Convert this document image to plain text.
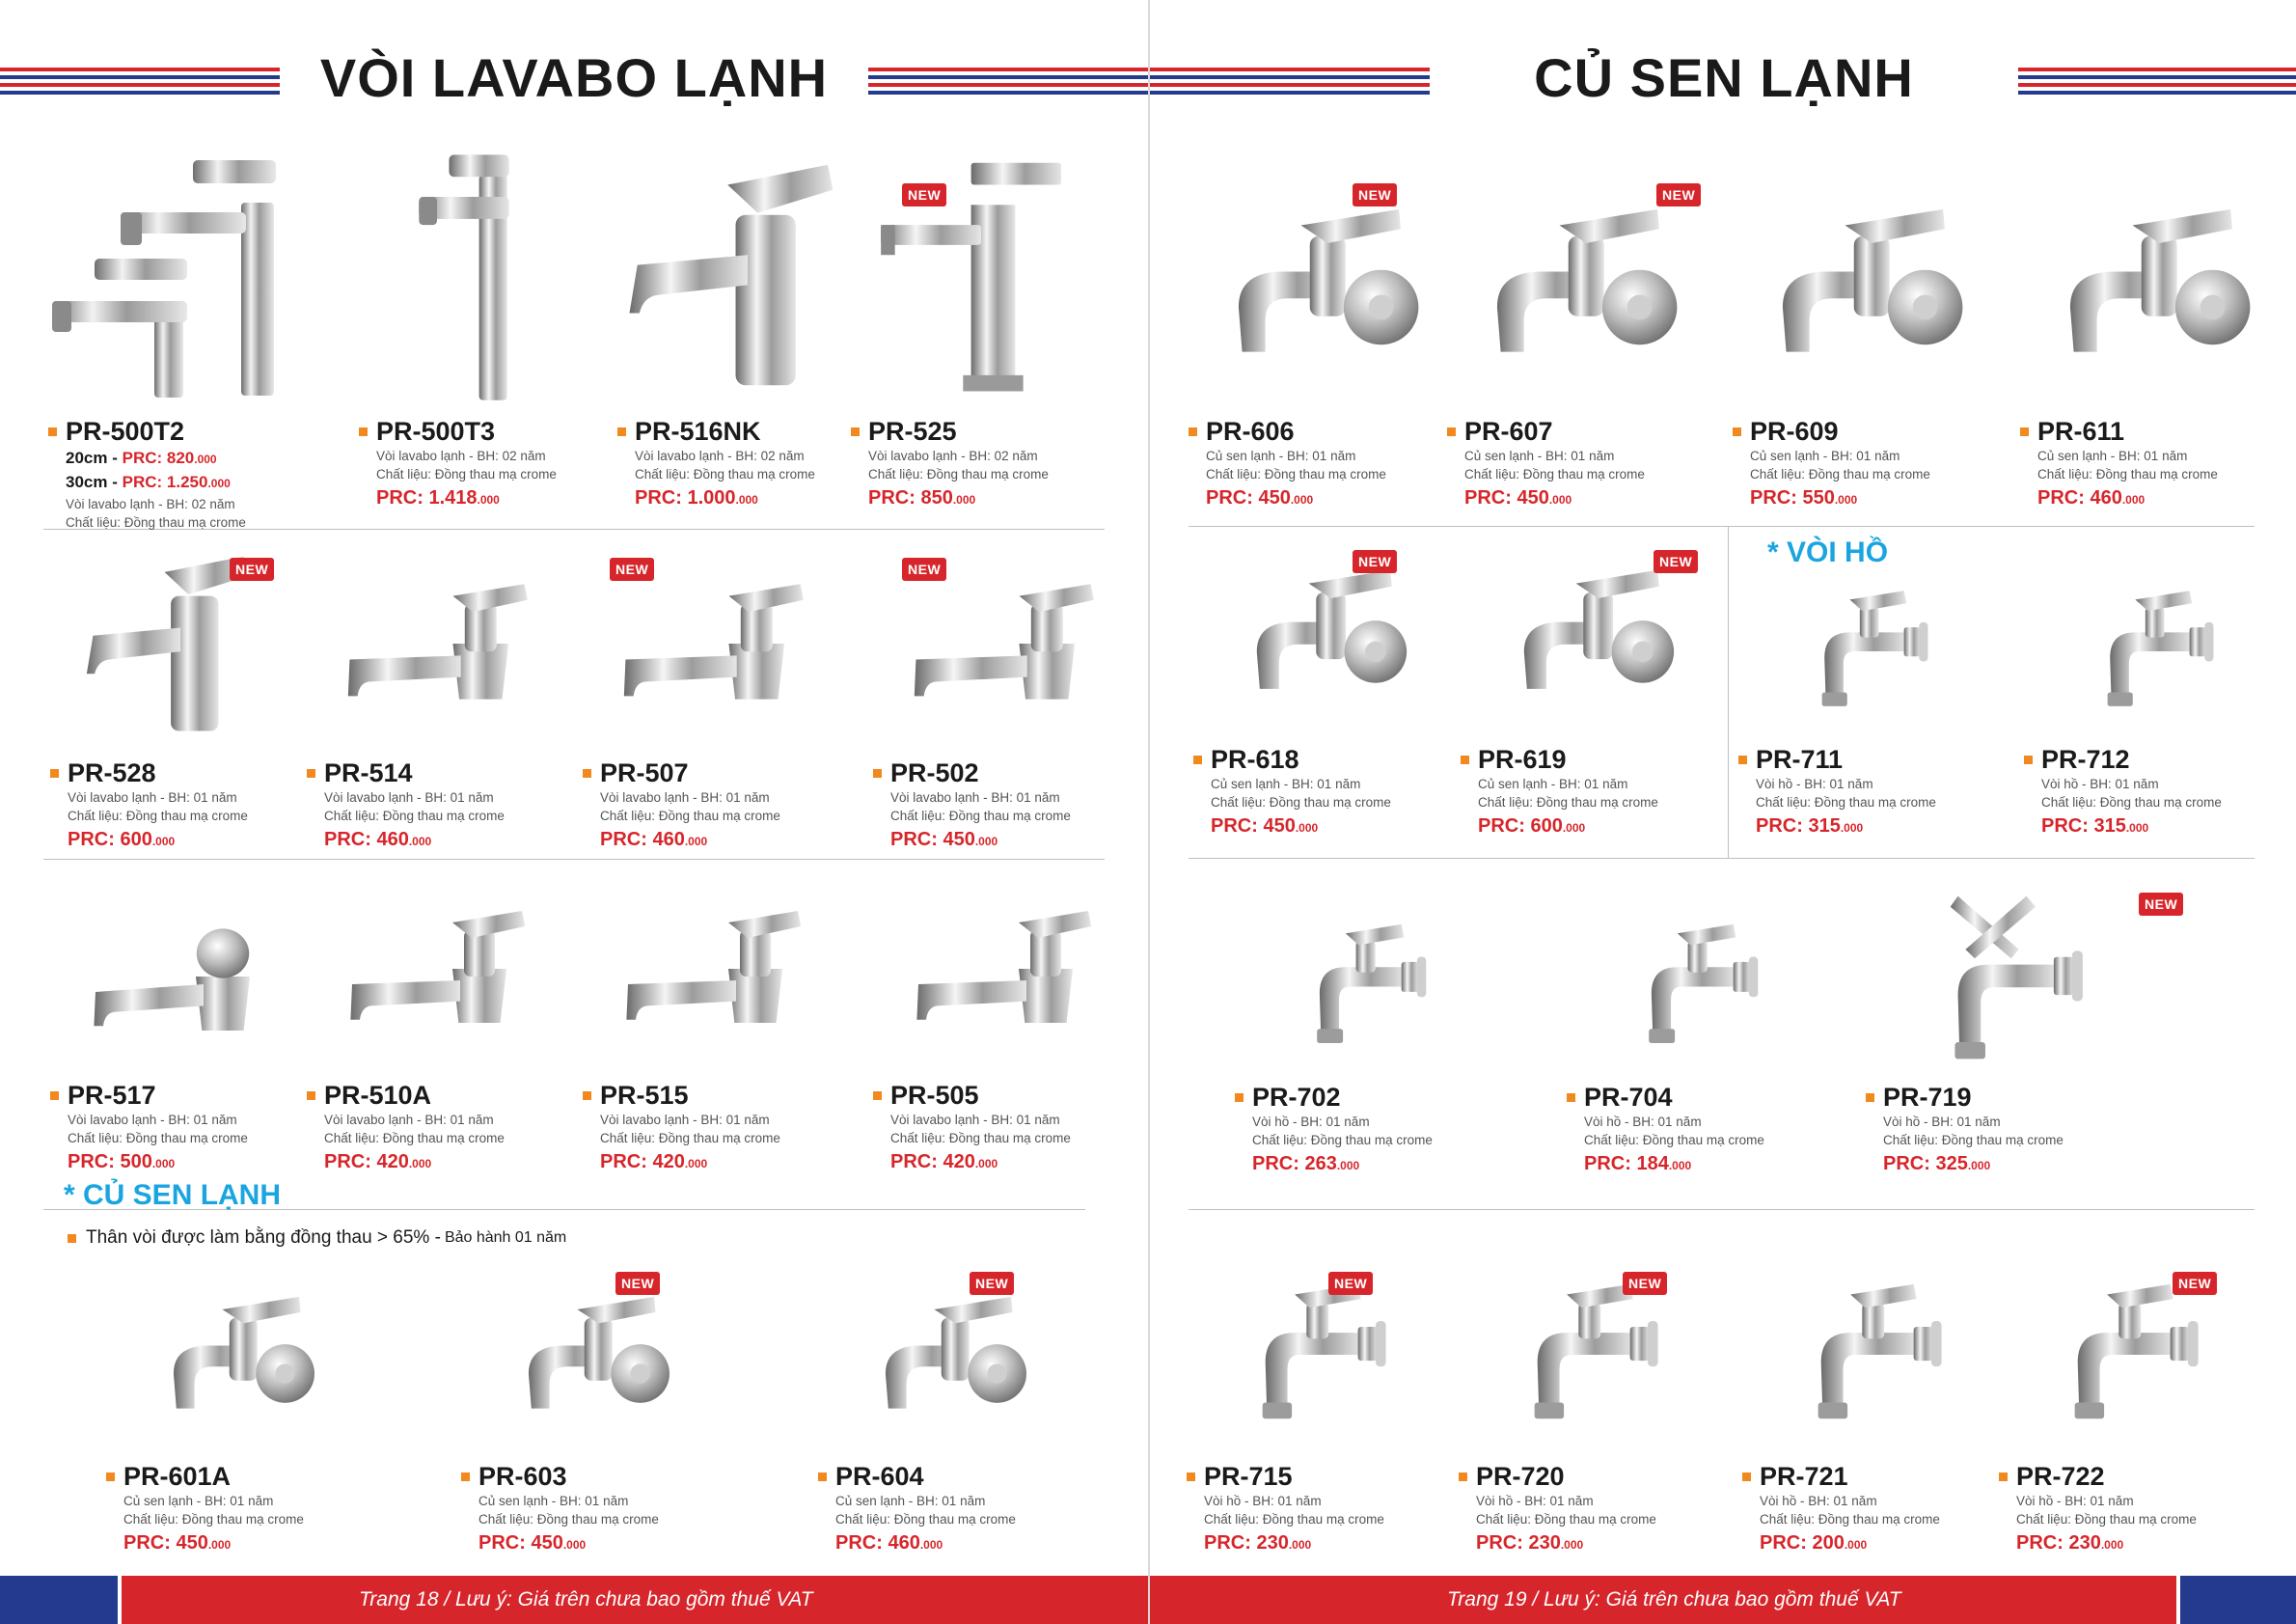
VÒI LAVABO LẠNH
PR-500T3
Vòi lavabo lạnh - BH: 02 năm
Chất liệu: Đồng thau mạ crome
PRC: 1.418.000
PR-516NK
Vòi lavabo lạnh - BH: 02 năm
Chất liệu: Đồng thau mạ crome
PRC: 1.000.000
PR-525
Vòi lavabo lạnh - BH: 02 năm
Chất liệu: Đồng thau mạ crome
PRC: 850.000
NEW
PR-528
Vòi lavabo lạnh - BH: 01 năm
Chất liệu: Đồng thau mạ crome
PRC: 600.000
NEW
PR-514
Vòi lavabo lạnh - BH: 01 năm
Chất liệu: Đồng thau mạ crome
PRC: 460.000
PR-507
Vòi lavabo lạnh - BH: 01 năm
Chất liệu: Đồng thau mạ crome
PRC: 460.000
NEW
PR-502
Vòi lavabo lạnh - BH: 01 năm
Chất liệu: Đồng thau mạ crome
PRC: 450.000
NEW
PR-517
Vòi lavabo lạnh - BH: 01 năm
Chất liệu: Đồng thau mạ crome
PRC: 500.000
PR-510A
Vòi lavabo lạnh - BH: 01 năm
Chất liệu: Đồng thau mạ crome
PRC: 420.000
PR-515
Vòi lavabo lạnh - BH: 01 năm
Chất liệu: Đồng thau mạ crome
PRC: 420.000
PR-505
Vòi lavabo lạnh - BH: 01 năm
Chất liệu: Đồng thau mạ crome
PRC: 420.000
PR-601A
Củ sen lạnh - BH: 01 năm
Chất liệu: Đồng thau mạ crome
PRC: 450.000
PR-603
Củ sen lạnh - BH: 01 năm
Chất liệu: Đồng thau mạ crome
PRC: 450.000
NEW
PR-604
Củ sen lạnh - BH: 01 năm
Chất liệu: Đồng thau mạ crome
PRC: 460.000
NEW
PR-500T2
20cm - PRC: 820.000
30cm - PRC: 1.250.000
Vòi lavabo lạnh - BH: 02 năm
Chất liệu: Đồng thau mạ crome
* CỦ SEN LẠNH
Thân vòi được làm bằng đồng thau > 65% - Bảo hành 01 năm
Trang 18 / Lưu ý: Giá trên chưa bao gồm thuế VAT
CỦ SEN LẠNH
* VÒI HỒ
PR-606
Củ sen lạnh - BH: 01 năm
Chất liệu: Đồng thau mạ crome
PRC: 450.000
NEW
PR-607
Củ sen lạnh - BH: 01 năm
Chất liệu: Đồng thau mạ crome
PRC: 450.000
NEW
PR-609
Củ sen lạnh - BH: 01 năm
Chất liệu: Đồng thau mạ crome
PRC: 550.000
PR-611
Củ sen lạnh - BH: 01 năm
Chất liệu: Đồng thau mạ crome
PRC: 460.000
PR-618
Củ sen lạnh - BH: 01 năm
Chất liệu: Đồng thau mạ crome
PRC: 450.000
NEW
PR-619
Củ sen lạnh - BH: 01 năm
Chất liệu: Đồng thau mạ crome
PRC: 600.000
NEW
PR-711
Vòi hồ - BH: 01 năm
Chất liệu: Đồng thau mạ crome
PRC: 315.000
PR-712
Vòi hồ - BH: 01 năm
Chất liệu: Đồng thau mạ crome
PRC: 315.000
PR-702
Vòi hồ - BH: 01 năm
Chất liệu: Đồng thau mạ crome
PRC: 263.000
PR-704
Vòi hồ - BH: 01 năm
Chất liệu: Đồng thau mạ crome
PRC: 184.000
PR-719
Vòi hồ - BH: 01 năm
Chất liệu: Đồng thau mạ crome
PRC: 325.000
NEW
PR-715
Vòi hồ - BH: 01 năm
Chất liệu: Đồng thau mạ crome
PRC: 230.000
NEW
PR-720
Vòi hồ - BH: 01 năm
Chất liệu: Đồng thau mạ crome
PRC: 230.000
NEW
PR-721
Vòi hồ - BH: 01 năm
Chất liệu: Đồng thau mạ crome
PRC: 200.000
PR-722
Vòi hồ - BH: 01 năm
Chất liệu: Đồng thau mạ crome
PRC: 230.000
NEW
Trang 19 / Lưu ý: Giá trên chưa bao gồm thuế VAT
